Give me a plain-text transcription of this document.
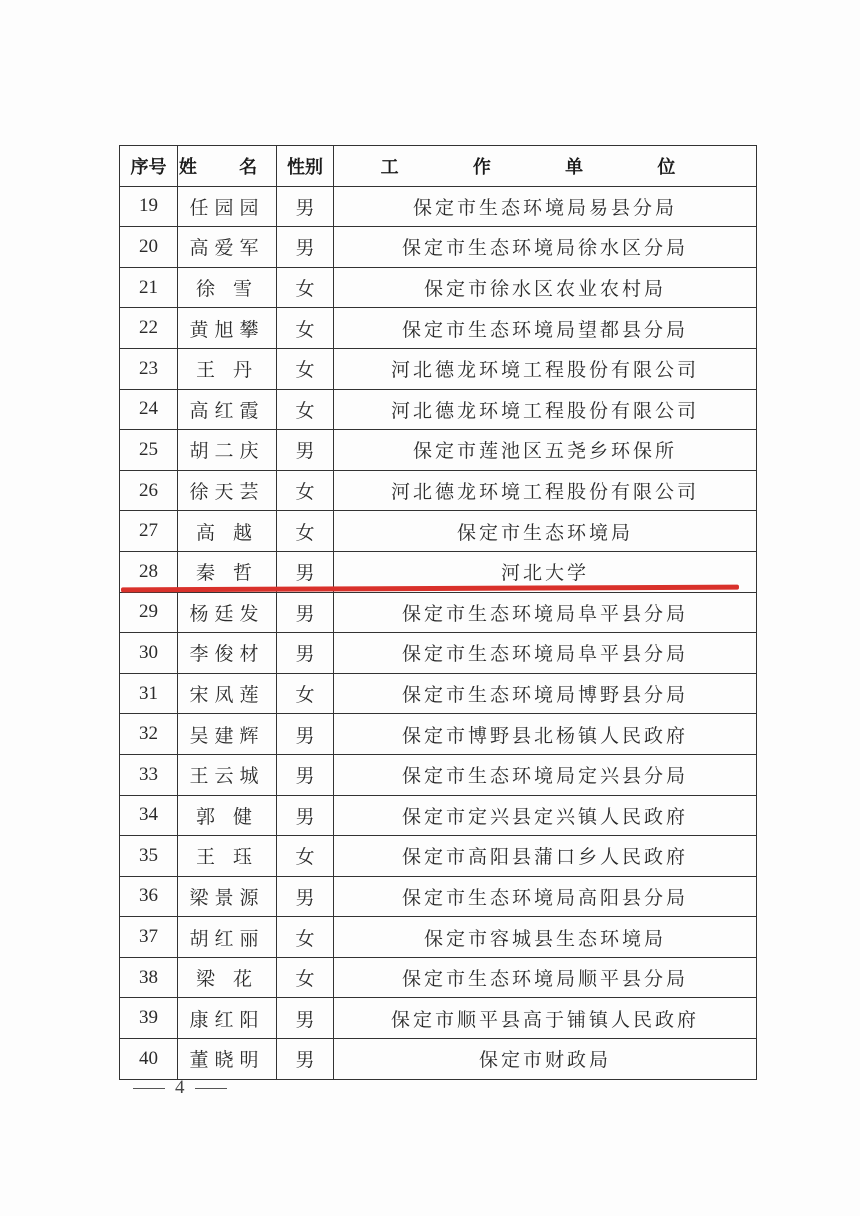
序号	姓 名	性别	工 作 单 位
19	任园园	男	保定市生态环境局易县分局
20	高爱军	男	保定市生态环境局徐水区分局
21	徐 雪	女	保定市徐水区农业农村局
22	黄旭攀	女	保定市生态环境局望都县分局
23	王 丹	女	河北德龙环境工程股份有限公司
24	高红霞	女	河北德龙环境工程股份有限公司
25	胡二庆	男	保定市莲池区五尧乡环保所
26	徐天芸	女	河北德龙环境工程股份有限公司
27	高 越	女	保定市生态环境局
28	秦 哲	男	河北大学
29	杨廷发	男	保定市生态环境局阜平县分局
30	李俊材	男	保定市生态环境局阜平县分局
31	宋凤莲	女	保定市生态环境局博野县分局
32	吴建辉	男	保定市博野县北杨镇人民政府
33	王云城	男	保定市生态环境局定兴县分局
34	郭 健	男	保定市定兴县定兴镇人民政府
35	王 珏	女	保定市高阳县蒲口乡人民政府
36	梁景源	男	保定市生态环境局高阳县分局
37	胡红丽	女	保定市容城县生态环境局
38	梁 花	女	保定市生态环境局顺平县分局
39	康红阳	男	保定市顺平县高于铺镇人民政府
40	董晓明	男	保定市财政局
4
